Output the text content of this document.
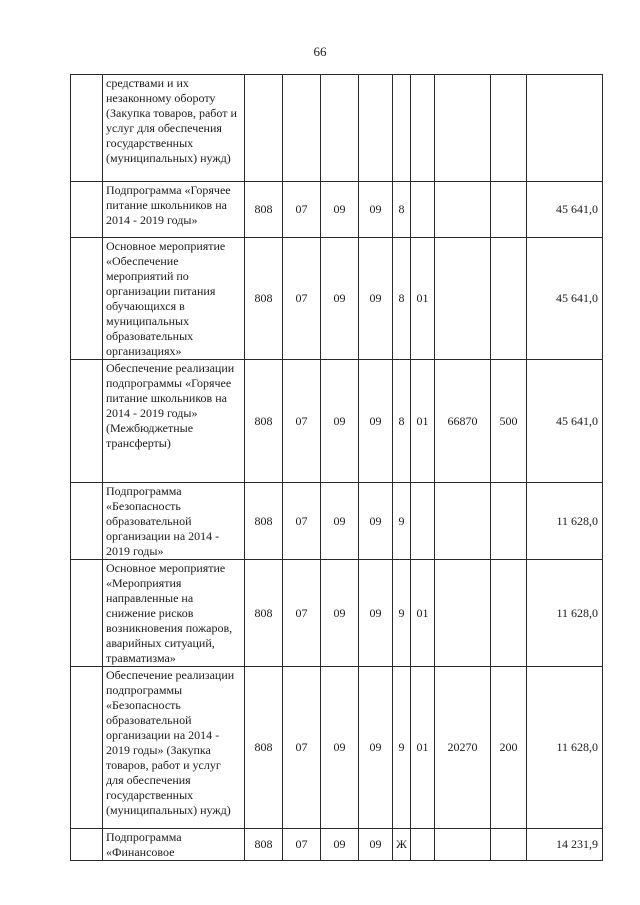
66
	средствами и их незаконному обороту (Закупка товаров, работ и услуг для обеспечения государственных (муниципальных) нужд)									
	Подпрограмма «Горячее питание школьников на 2014 - 2019 годы»	808	07	09	09	8				45 641,0
	Основное мероприятие «Обеспечение мероприятий по организации питания обучающихся в муниципальных образовательных организациях»	808	07	09	09	8	01			45 641,0
	Обеспечение реализации подпрограммы «Горячее питание школьников на 2014 - 2019 годы» (Межбюджетные трансферты)	808	07	09	09	8	01	66870	500	45 641,0
	Подпрограмма «Безопасность образовательной организации на 2014 - 2019 годы»	808	07	09	09	9				11 628,0
	Основное мероприятие «Мероприятия направленные на снижение рисков возникновения пожаров, аварийных ситуаций, травматизма»	808	07	09	09	9	01			11 628,0
	Обеспечение реализации подпрограммы «Безопасность образовательной организации на 2014 - 2019 годы» (Закупка товаров, работ и услуг для обеспечения государственных (муниципальных) нужд)	808	07	09	09	9	01	20270	200	11 628,0
	Подпрограмма «Финансовое	808	07	09	09	Ж				14 231,9
